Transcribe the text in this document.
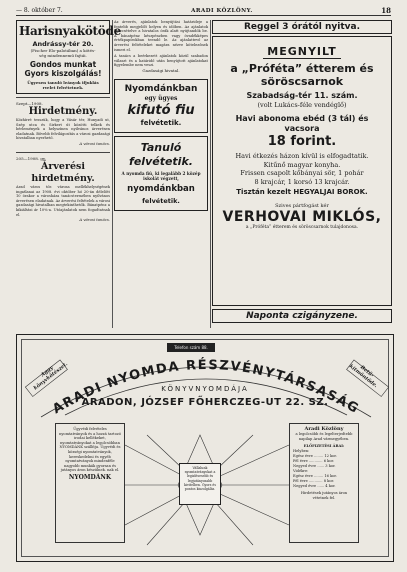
— 8. október 7.	ARADI KÖZLÖNY.	18
Harisnyakötöde
Andrássy-tér 20.
(Fischer Elo-palotában) a kötés-
ség mindennemű fajtái.
Gondos munkat
Gyors kiszolgálás!
Ügyesen tanuló leányok ifjuklás
rvelet felvétetnek.
Szept—1908.
Hirdetmény.
Közhírré tesszük, hogy a Vásár tér, Hunyadi ut, Szép utca és Sirkert út közötti telkek és bérlemények a helyszínen nyilvános árverésen eladatnak. Bővebb felvilágosítás a városi gazdasági hivatalban nyerhető.
A városi tanács.
205—1908. gy.
Árverési hirdetmény.
Arad város tőr. városa mellékhelységének ingatlanai az 1908. évi október hó 20-án délelőtt 10 órakor a városháza tanácstermében nyilvános árverésen eladatnak. Az árverési feltételek a városi gazdasági hivatalban megtekinthetők. Bánatpénz a kikiáltási ár 10%-a. Utóajánlatok nem fogadtatnak el.
A városi tanács.
Az árverés, ajánlatok benyújtási határideje a fentebb megjelölt helyen és időben. Az ajánlatok lepecsételve a hivatalos órák alatt nyújtandók be. A bánatpénz készpénzben vagy óvadékképes értékpapírokban teendő le. Az ajánlattevő az árverési feltételeket magára nézve kötelezőnek ismeri el.
A tanács a beérkezett ajánlatok közül szabadon választ és a határidő után benyújtott ajánlatokat figyelembe nem veszi.
Gazdasági hivatal.
Nyomdánkban
egy ügyes
kifutó fiu
felvétetik.
Tanuló felvétetik.
A nyomda fiú, ki legalább 2 közép iskolát végzett,
nyomdánkban
felvétetik.
Reggel 3 órától nyitva.
MEGNYILT
a „Próféta” étterem és söröscsarnok
Szabadság-tér 11. szám.
(volt Lukács-féle vendéglő)
Havi abonoma ebéd (3 tál) és vacsora
18 forint.
Havi étkezés házon kívül is elfogadtatik.
Kitűnő magyar konyha.
Frissen csapolt kőbányai sör, 1 pohár
8 krajcár, 1 korsó 13 krajcár.
Tisztán kezelt HEGYALJAI BOROK.
Szives pártfogást kér
VERHOVAI MIKLÓS,
a „Próféta” étterem és söröscsarnok tulajdonosa.
Naponta czigányzene.
Telefon szám 88.
ARADI NYOMDA RÉSZVÉNYTÁRSASÁG
Aggy könyvkötészet.	Betű-kitmöntöde.
KÖNYVNYOMDÁJA
ARADON, JÓZSEF FŐHERCZEG-UT 22. SZ.
Ügyvédi felvételes nyomtatványok és a hozzá tartozó irodai kellékeket, nyomtatványokat a legolcsóbban NYOMDÁNK szállítja. Ügyvédi és községi nyomtatványok, kereskedelmi és egyéb nyomtatványok mindenféle nagyobb munkák gyorsan és jutányos áron készülnek. nak el.
NYOMDÁNK
Vállalunk nyomtatványokat a legizlésesebb és legjutányosabb kivitelben. Gyors és pontos kiszolgálás.
Aradi Közlöny
a legolcsóbb és legelterjedtebb napilap Arad vármegyében.
ELŐFIZETÉSI ÁRAI:
Helyben:
Egész évre ........ 12 kor.
Fél évre ............ 6 kor.
Negyed évre ...... 3 kor.
Vidékre:
Egész évre ........ 16 kor.
Fél évre ............ 8 kor.
Negyed évre ...... 4 kor.
Hirdetések jutányos áron vétetnek fel.
